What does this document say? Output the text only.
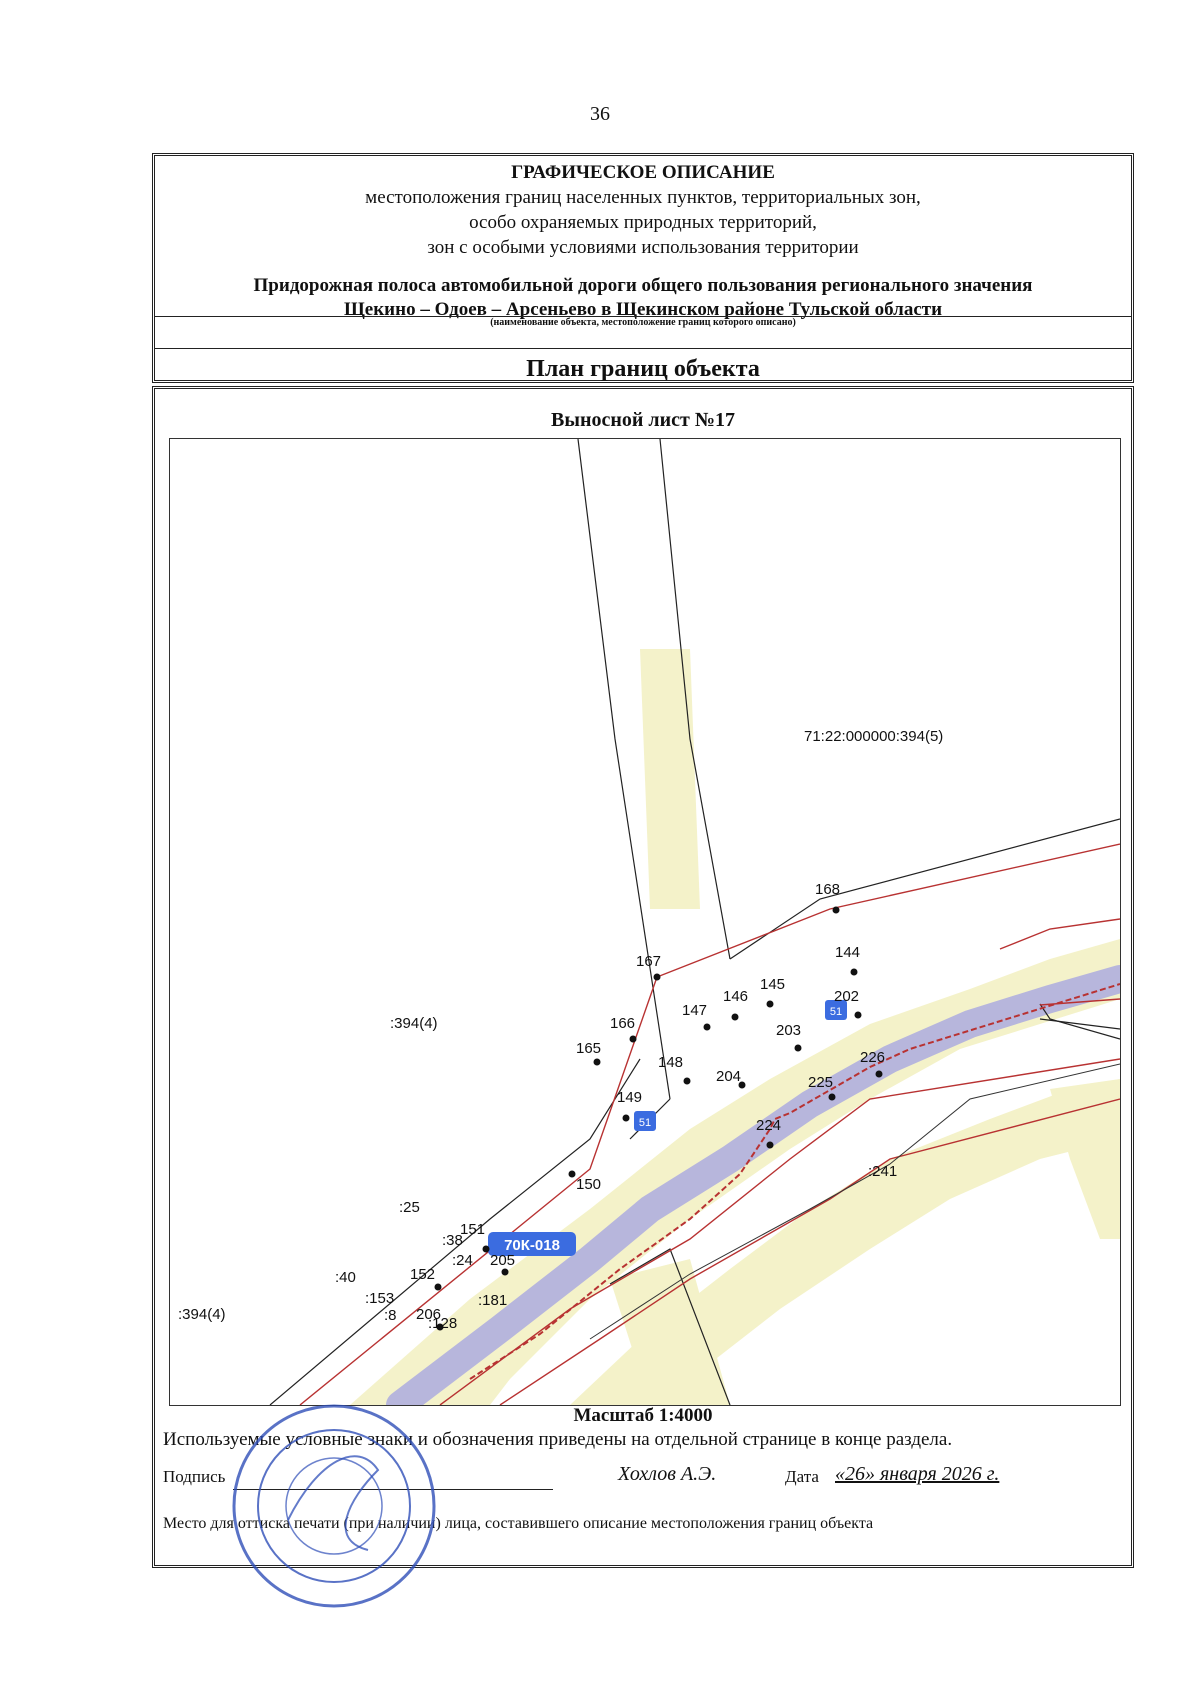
36
ГРАФИЧЕСКОЕ ОПИСАНИЕ
местоположения границ населенных пунктов, территориальных зон,
особо охраняемых природных территорий,
зон с особыми условиями использования территории
Придорожная полоса автомобильной дороги общего пользования регионального значения
Щекино – Одоев – Арсеньево в Щекинском районе Тульской области
(наименование объекта, местоположение границ которого описано)
План границ объекта
Выносной лист №17
51
51
70К-018
71:22:000000:394(5)
:394(4)
:394(4)
:241
:25
:38
:40
:24
:181
:128
:153
:8
168
167
166
165
144
145
146
147
148
149
150
151
152
202
203
204
205
206
224
225
226
Масштаб 1:4000
Используемые условные знаки и обозначения приведены на отдельной странице в конце раздела.
Подпись	Хохлов А.Э.	Дата «26» января 2026 г.
Место для оттиска печати (при наличии) лица, составившего описание местоположения границ объекта
